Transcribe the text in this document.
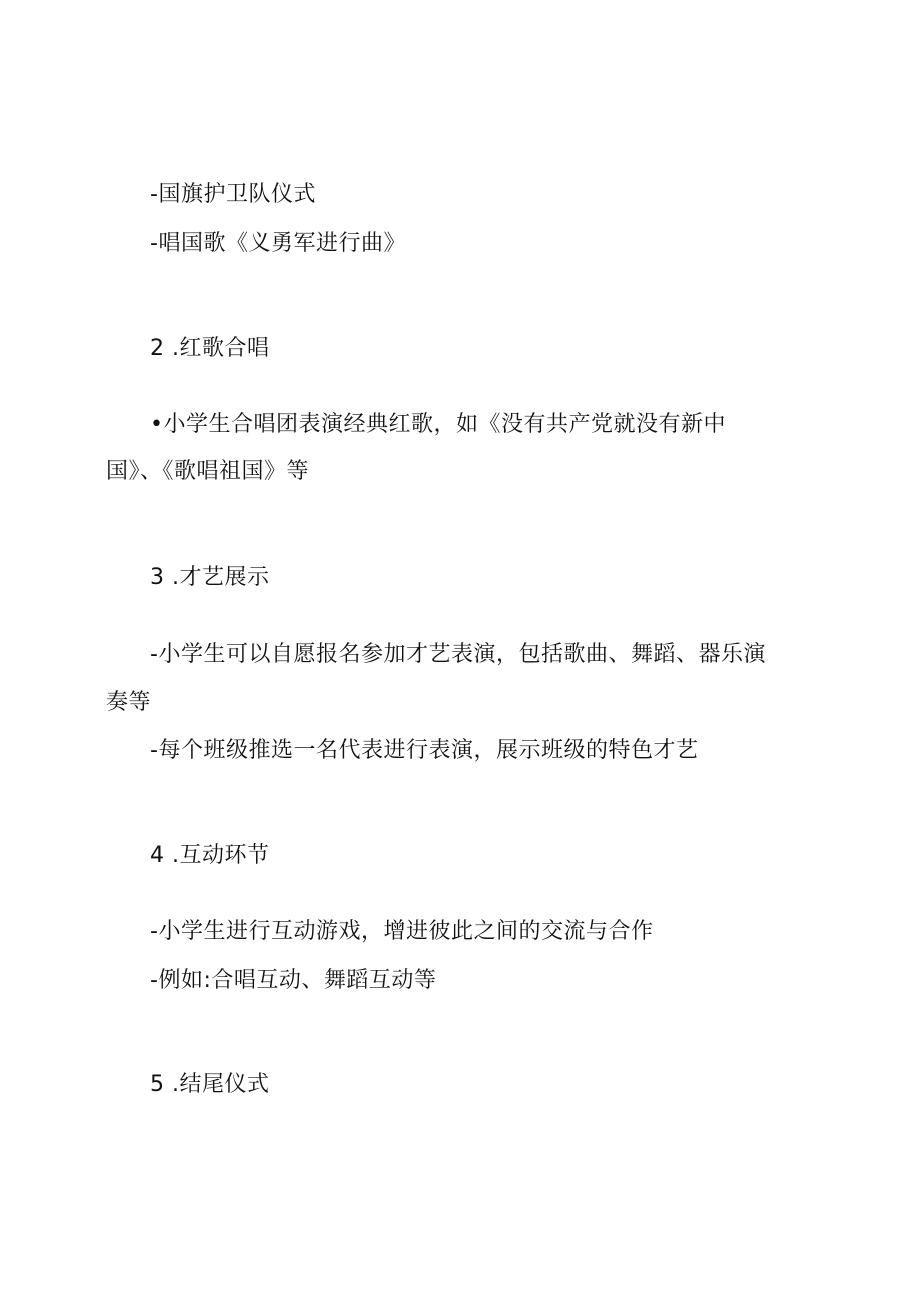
-国旗护卫队仪式
-唱国歌《义勇军进行曲》
2 .红歌合唱
•小学生合唱团表演经典红歌，如《没有共产党就没有新中
国》、《歌唱祖国》等
3 .才艺展示
-小学生可以自愿报名参加才艺表演，包括歌曲、舞蹈、器乐演
奏等
-每个班级推选一名代表进行表演，展示班级的特色才艺
4 .互动环节
-小学生进行互动游戏，增进彼此之间的交流与合作
-例如:合唱互动、舞蹈互动等
5 .结尾仪式
